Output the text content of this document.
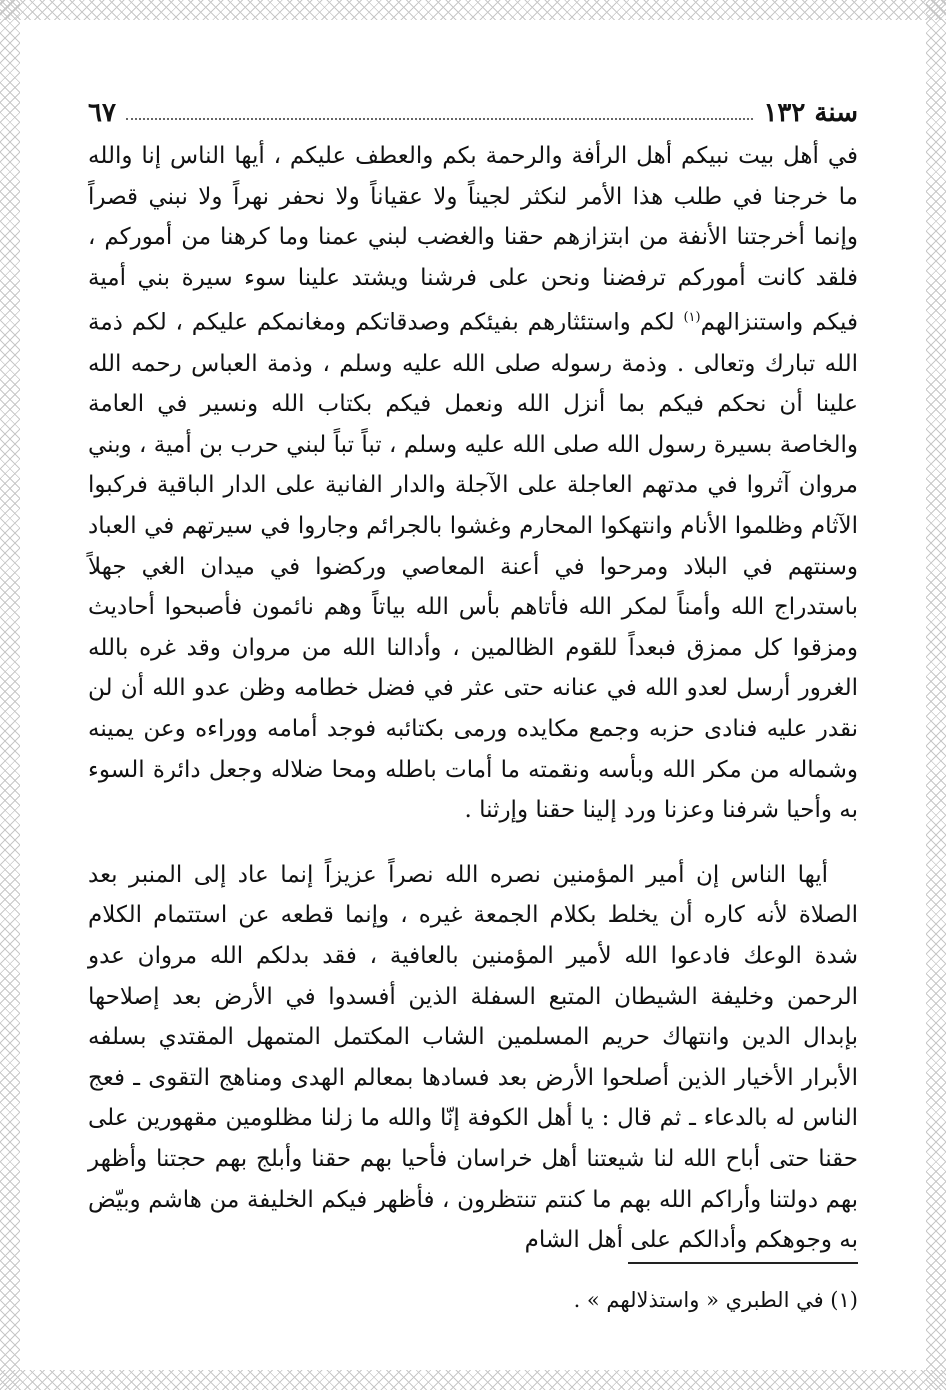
سنة ١٣٢
٦٧

في أهل بيت نبيكم أهل الرأفة والرحمة بكم والعطف عليكم ، أيها الناس إنا والله ما خرجنا في طلب هذا الأمر لنكثر لجيناً ولا عقياناً ولا نحفر نهراً ولا نبني قصراً وإنما أخرجتنا الأنفة من ابتزازهم حقنا والغضب لبني عمنا وما كرهنا من أموركم ، فلقد كانت أموركم ترفضنا ونحن على فرشنا ويشتد علينا سوء سيرة بني أمية فيكم واستنزالهم$^{(١)}$ لكم واستئثارهم بفيئكم وصدقاتكم ومغانمكم عليكم ، لكم ذمة الله تبارك وتعالى . وذمة رسوله صلى الله عليه وسلم ، وذمة العباس رحمه الله علينا أن نحكم فيكم بما أنزل الله ونعمل فيكم بكتاب الله ونسير في العامة والخاصة بسيرة رسول الله صلى الله عليه وسلم ، تباً تباً لبني حرب بن أمية ، وبني مروان آثروا في مدتهم العاجلة على الآجلة والدار الفانية على الدار الباقية فركبوا الآثام وظلموا الأنام وانتهكوا المحارم وغشوا بالجرائم وجاروا في سيرتهم في العباد وسنتهم في البلاد ومرحوا في أعنة المعاصي وركضوا في ميدان الغي جهلاً باستدراج الله وأمناً لمكر الله فأتاهم بأس الله بياتاً وهم نائمون فأصبحوا أحاديث ومزقوا كل ممزق فبعداً للقوم الظالمين ، وأدالنا الله من مروان وقد غره بالله الغرور أرسل لعدو الله في عنانه حتى عثر في فضل خطامه وظن عدو الله أن لن نقدر عليه فنادى حزبه وجمع مكايده ورمى بكتائبه فوجد أمامه ووراءه وعن يمينه وشماله من مكر الله وبأسه ونقمته ما أمات باطله ومحا ضلاله وجعل دائرة السوء به وأحيا شرفنا وعزنا ورد إلينا حقنا وإرثنا .

أيها الناس إن أمير المؤمنين نصره الله نصراً عزيزاً إنما عاد إلى المنبر بعد الصلاة لأنه كاره أن يخلط بكلام الجمعة غيره ، وإنما قطعه عن استتمام الكلام شدة الوعك فادعوا الله لأمير المؤمنين بالعافية ، فقد بدلكم الله مروان عدو الرحمن وخليفة الشيطان المتبع السفلة الذين أفسدوا في الأرض بعد إصلاحها بإبدال الدين وانتهاك حريم المسلمين الشاب المكتمل المتمهل المقتدي بسلفه الأبرار الأخيار الذين أصلحوا الأرض بعد فسادها بمعالم الهدى ومناهج التقوى ـ فعج الناس له بالدعاء ـ ثم قال : يا أهل الكوفة إنّا والله ما زلنا مظلومين مقهورين على حقنا حتى أباح الله لنا شيعتنا أهل خراسان فأحيا بهم حقنا وأبلج بهم حجتنا وأظهر بهم دولتنا وأراكم الله بهم ما كنتم تنتظرون ، فأظهر فيكم الخليفة من هاشم وبيّض به وجوهكم وأدالكم على أهل الشام

(١) في الطبري « واستذلالهم » .
